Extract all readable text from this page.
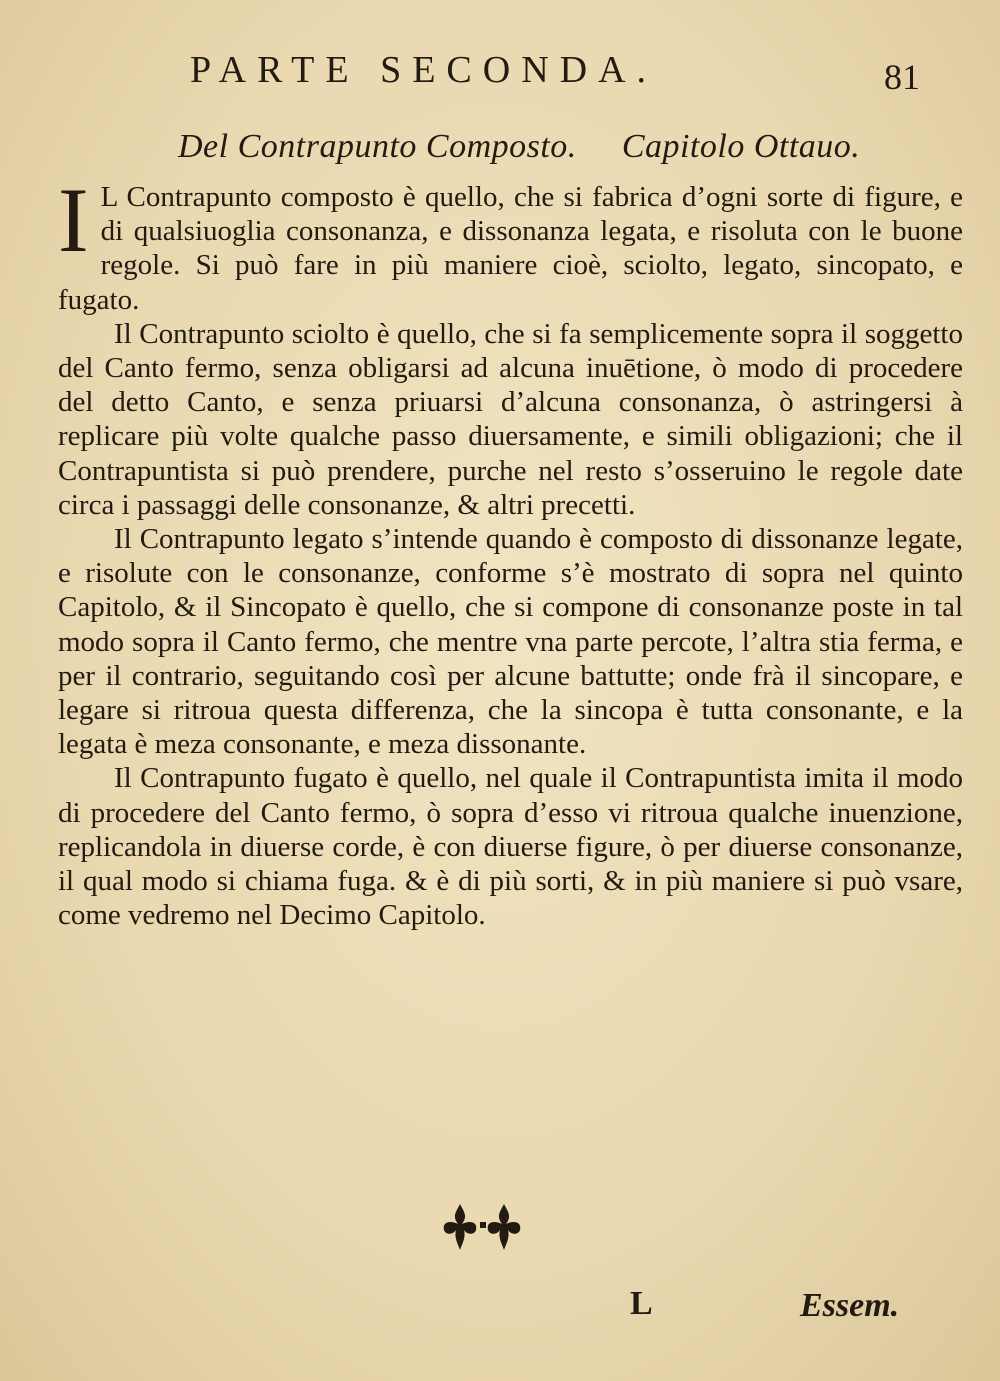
PARTE SECONDA.	81
Del Contrapunto Composto. Capitolo Ottauo.

I L Contrapunto composto è quello, che si fabrica d’ogni sorte di figure, e di qualsiuoglia consonanza, e dissonanza legata, e risoluta con le buone regole. Si può fare in più maniere cioè, sciolto, legato, sincopato, e fugato.

Il Contrapunto sciolto è quello, che si fa semplicemente sopra il soggetto del Canto fermo, senza obligarsi ad alcuna inuētione, ò modo di procedere del detto Canto, e senza priuarsi d’alcuna consonanza, ò astringersi à replicare più volte qualche passo diuersamente, e simili obligazioni; che il Contrapuntista si può prendere, purche nel resto s’osseruino le regole date circa i passaggi delle consonanze, & altri precetti.

Il Contrapunto legato s’intende quando è composto di dissonanze legate, e risolute con le consonanze, conforme s’è mostrato di sopra nel quinto Capitolo, & il Sincopato è quello, che si compone di consonanze poste in tal modo sopra il Canto fermo, che mentre vna parte percote, l’altra stia ferma, e per il contrario, seguitando così per alcune battutte; onde frà il sincopare, e legare si ritroua questa differenza, che la sincopa è tutta consonante, e la legata è meza consonante, e meza dissonante.

Il Contrapunto fugato è quello, nel quale il Contrapuntista imita il modo di procedere del Canto fermo, ò sopra d’esso vi ritroua qualche inuenzione, replicandola in diuerse corde, è con diuerse figure, ò per diuerse consonanze, il qual modo si chiama fuga. & è di più sorti, & in più maniere si può vsare, come vedremo nel Decimo Capitolo.

L	Essem.
